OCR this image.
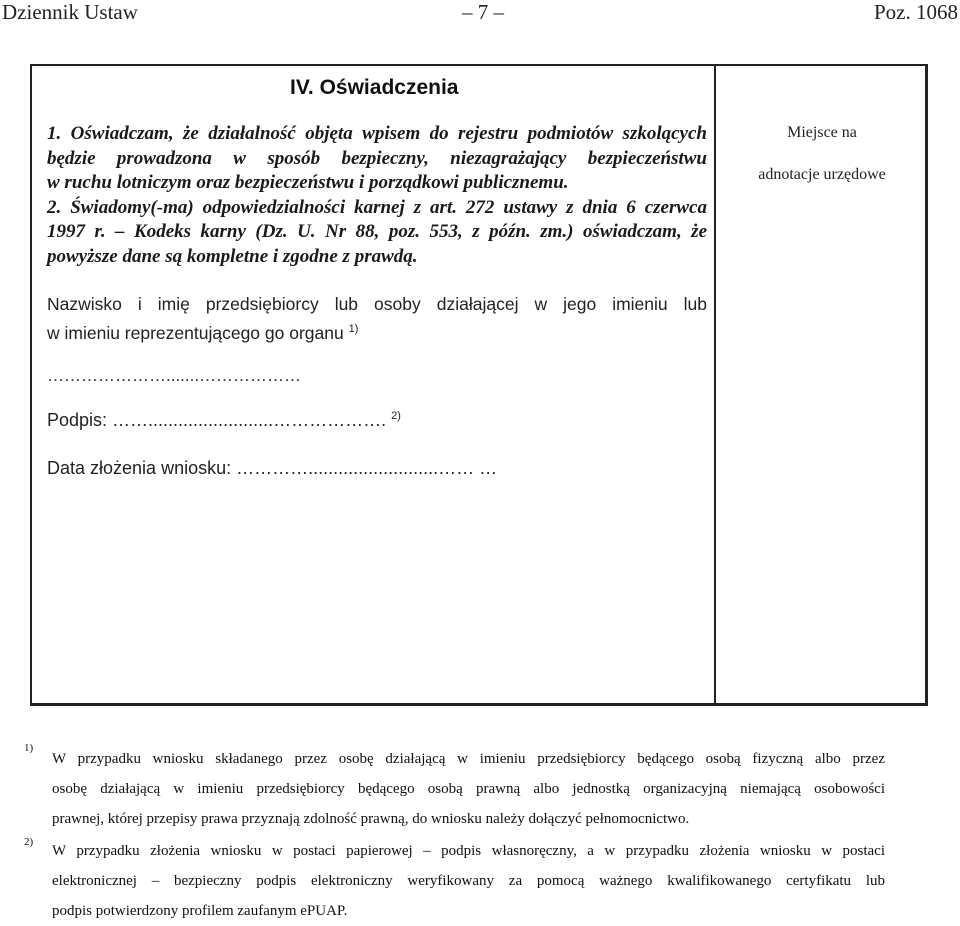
Dziennik Ustaw	– 7 –	Poz. 1068
IV. Oświadczenia

1. Oświadczam, że działalność objęta wpisem do rejestru podmiotów szkolących

będzie prowadzona w sposób bezpieczny, niezagrażający bezpieczeństwu

w ruchu lotniczym oraz bezpieczeństwu i porządkowi publicznemu.

2. Świadomy(-ma) odpowiedzialności karnej z art. 272 ustawy z dnia 6 czerwca

1997 r. – Kodeks karny (Dz. U. Nr 88, poz. 553, z późn. zm.) oświadczam, że

powyższe dane są kompletne i zgodne z prawdą.

Nazwisko i imię przedsiębiorcy lub osoby działającej w jego imieniu lub
w imieniu reprezentującego go organu $^{1)}$
………………….......………………
Podpis: …….........................………………. $^{2)}$
Data złożenia wniosku: …………..........................…… …
Miejsce na
adnotacje urzędowe
1)

W przypadku wniosku składanego przez osobę działającą w imieniu przedsiębiorcy będącego osobą fizyczną albo przez

osobę działającą w imieniu przedsiębiorcy będącego osobą prawną albo jednostką organizacyjną niemającą osobowości

prawnej, której przepisy prawa przyznają zdolność prawną, do wniosku należy dołączyć pełnomocnictwo.

2)

W przypadku złożenia wniosku w postaci papierowej – podpis własnoręczny, a w przypadku złożenia wniosku w postaci

elektronicznej – bezpieczny podpis elektroniczny weryfikowany za pomocą ważnego kwalifikowanego certyfikatu lub

podpis potwierdzony profilem zaufanym ePUAP.
